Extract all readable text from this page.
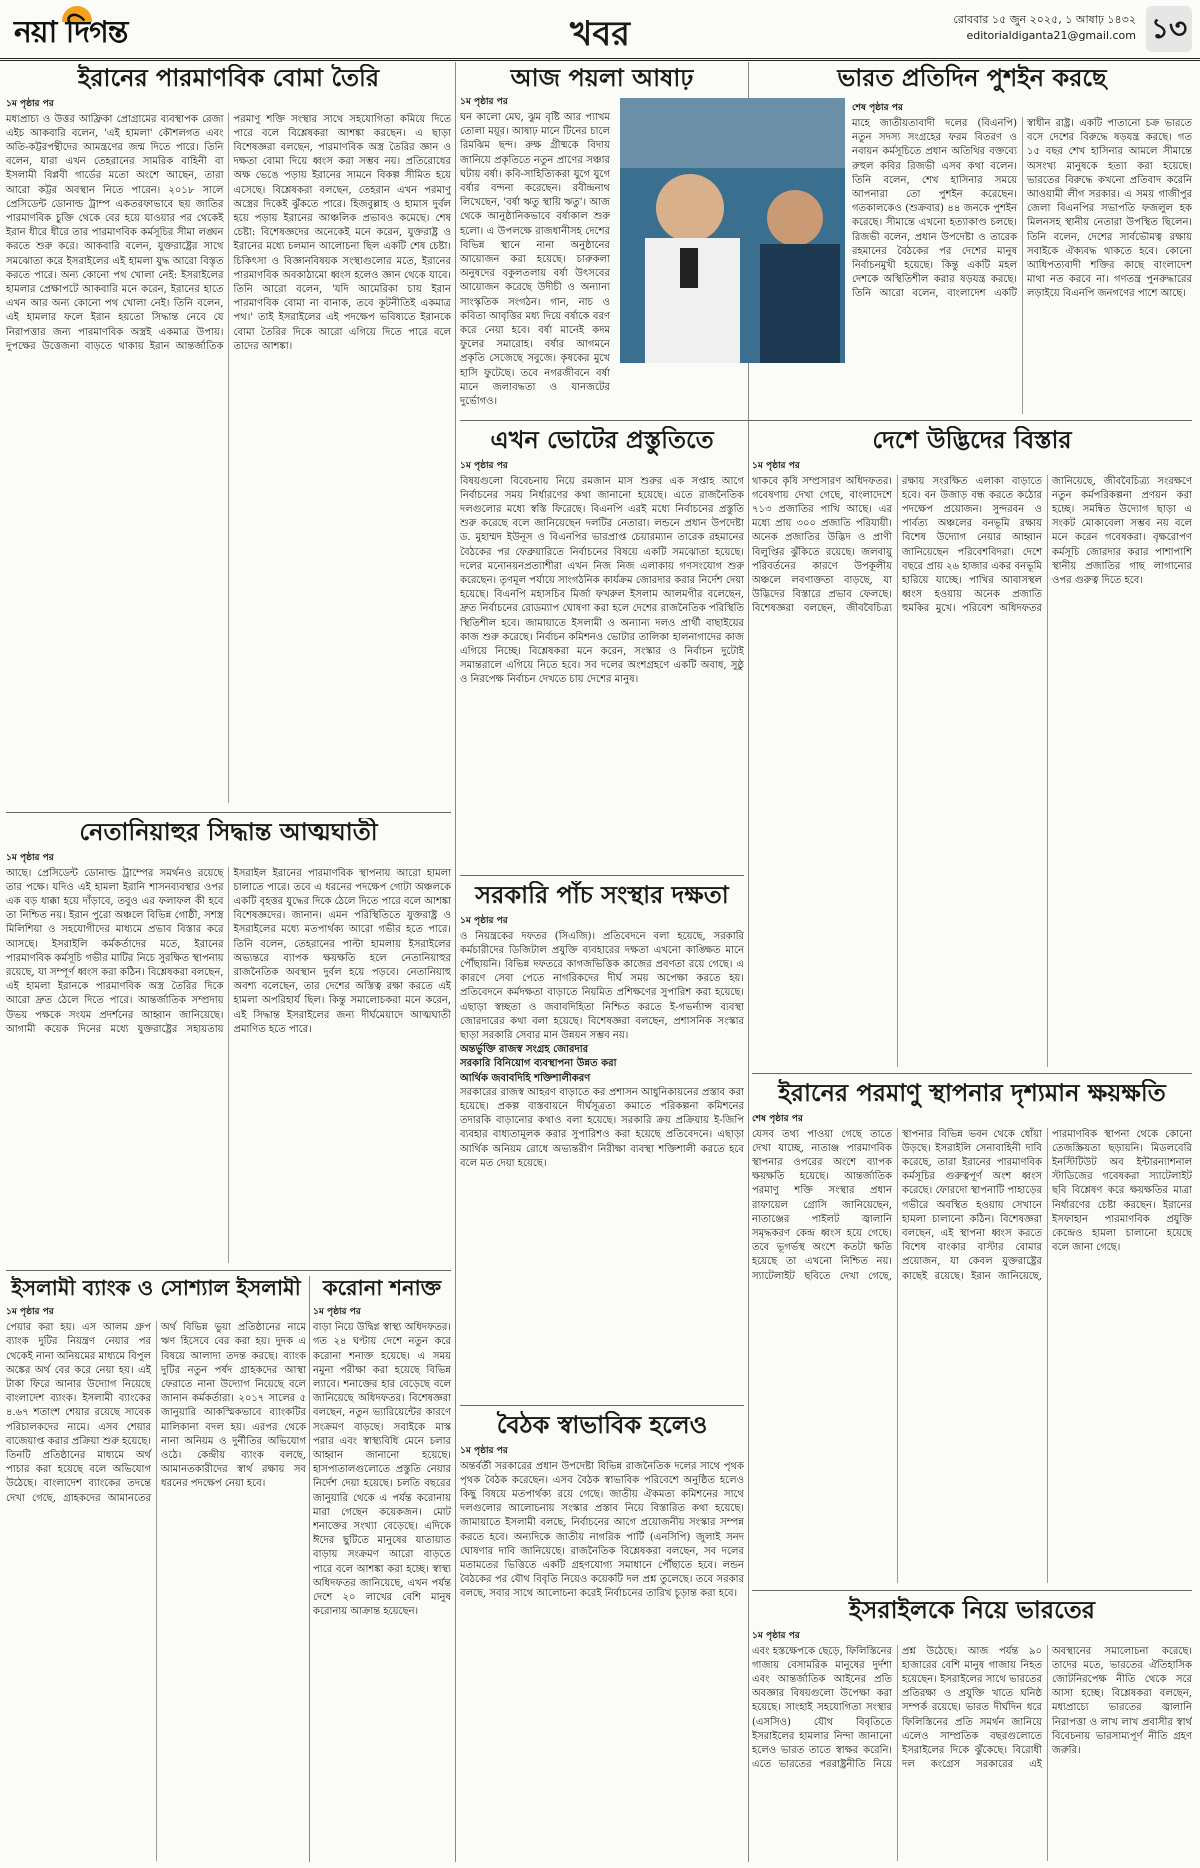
নয়া দিগন্ত	খবর	রোববার ১৫ জুন ২০২৫, ১ আষাঢ় ১৪৩২
editorialdiganta21@gmail.com ১৩
ইরানের পারমাণবিক বোমা তৈরি
১ম পৃষ্ঠার পর

মধ্যপ্রাচ্য ও উত্তর আফ্রিকা প্রোগ্রামের ব্যবস্থাপক রেজা এইচ আকবারি বলেন, 'এই হামলা' কৌশলগত এবং অতি-কট্টরপন্থীদের আমন্ত্রণের জন্ম দিতে পারে। তিনি বলেন, যারা এখন তেহরানের সামরিক বাহিনী বা ইসলামী বিপ্লবী গার্ডের মতো অংশে আছেন, তারা আরো কট্টর অবস্থান নিতে পারেন। ২০১৮ সালে প্রেসিডেন্ট ডোনাল্ড ট্রাম্প একতরফাভাবে ছয় জাতির পারমাণবিক চুক্তি থেকে বের হয়ে যাওয়ার পর থেকেই ইরান ধীরে ধীরে তার পারমাণবিক কর্মসূচির সীমা লঙ্ঘন করতে শুরু করে। আকবারি বলেন, যুক্তরাষ্ট্রের সাথে সমঝোতা করে ইসরাইলের এই হামলা যুদ্ধ আরো বিস্তৃত করতে পারে। অন্য কোনো পথ খোলা নেই: ইসরাইলের হামলার প্রেক্ষাপটে আকবারি মনে করেন, ইরানের হাতে এখন আর অন্য কোনো পথ খোলা নেই। তিনি বলেন, এই হামলার ফলে ইরান হয়তো সিদ্ধান্ত নেবে যে নিরাপত্তার জন্য পারমাণবিক অস্ত্রই একমাত্র উপায়। দুপক্ষের উত্তেজনা বাড়তে থাকায় ইরান আন্তর্জাতিক পরমাণু শক্তি সংস্থার সাথে সহযোগিতা কমিয়ে দিতে পারে বলে বিশ্লেষকরা আশঙ্কা করছেন। এ ছাড়া বিশেষজ্ঞরা বলছেন, পারমাণবিক অস্ত্র তৈরির জ্ঞান ও দক্ষতা বোমা দিয়ে ধ্বংস করা সম্ভব নয়। প্রতিরোধের অক্ষ ভেঙে পড়ায় ইরানের সামনে বিকল্প সীমিত হয়ে এসেছে। বিশ্লেষকরা বলছেন, তেহরান এখন পরমাণু অস্ত্রের দিকেই ঝুঁকতে পারে। হিজবুল্লাহ ও হামাস দুর্বল হয়ে পড়ায় ইরানের আঞ্চলিক প্রভাবও কমেছে। শেষ চেষ্টা: বিশেষজ্ঞদের অনেকেই মনে করেন, যুক্তরাষ্ট্র ও ইরানের মধ্যে চলমান আলোচনা ছিল একটি শেষ চেষ্টা। চিকিৎসা ও বিজ্ঞানবিষয়ক সংস্থাগুলোর মতে, ইরানের পারমাণবিক অবকাঠামো ধ্বংস হলেও জ্ঞান থেকে যাবে। তিনি আরো বলেন, 'যদি আমেরিকা চায় ইরান পারমাণবিক বোমা না বানাক, তবে কূটনীতিই একমাত্র পথ।' তাই ইসরাইলের এই পদক্ষেপ ভবিষ্যতে ইরানকে বোমা তৈরির দিকে আরো এগিয়ে দিতে পারে বলে তাদের আশঙ্কা।

নেতানিয়াহুর সিদ্ধান্ত আত্মঘাতী
১ম পৃষ্ঠার পর

আছে। প্রেসিডেন্ট ডোনাল্ড ট্রাম্পের সমর্থনও রয়েছে তার পক্ষে। যদিও এই হামলা ইরানি শাসনব্যবস্থার ওপর এক বড় ধাক্কা হয়ে দাঁড়াবে, তবুও এর ফলাফল কী হবে তা নিশ্চিত নয়। ইরান পুরো অঞ্চলে বিভিন্ন গোষ্ঠী, সশস্ত্র মিলিশিয়া ও সহযোগীদের মাধ্যমে প্রভাব বিস্তার করে আসছে। ইসরাইলি কর্মকর্তাদের মতে, ইরানের পারমাণবিক কর্মসূচি গভীর মাটির নিচে সুরক্ষিত স্থাপনায় রয়েছে, যা সম্পূর্ণ ধ্বংস করা কঠিন। বিশ্লেষকরা বলছেন, এই হামলা ইরানকে পারমাণবিক অস্ত্র তৈরির দিকে আরো দ্রুত ঠেলে দিতে পারে। আন্তর্জাতিক সম্প্রদায় উভয় পক্ষকে সংযম প্রদর্শনের আহ্বান জানিয়েছে। আগামী কয়েক দিনের মধ্যে যুক্তরাষ্ট্রের সহায়তায় ইসরাইল ইরানের পারমাণবিক স্থাপনায় আরো হামলা চালাতে পারে। তবে এ ধরনের পদক্ষেপ গোটা অঞ্চলকে একটি বৃহত্তর যুদ্ধের দিকে ঠেলে দিতে পারে বলে আশঙ্কা বিশেষজ্ঞদের। জানান। এমন পরিস্থিতিতে যুক্তরাষ্ট্র ও ইসরাইলের মধ্যে মতপার্থক্য আরো গভীর হতে পারে। তিনি বলেন, তেহরানের পাল্টা হামলায় ইসরাইলের অভ্যন্তরে ব্যাপক ক্ষয়ক্ষতি হলে নেতানিয়াহুর রাজনৈতিক অবস্থান দুর্বল হয়ে পড়বে। নেতানিয়াহু অবশ্য বলেছেন, তার দেশের অস্তিত্ব রক্ষা করতে এই হামলা অপরিহার্য ছিল। কিন্তু সমালোচকরা মনে করেন, এই সিদ্ধান্ত ইসরাইলের জন্য দীর্ঘমেয়াদে আত্মঘাতী প্রমাণিত হতে পারে।

ইসলামী ব্যাংক ও সোশ্যাল ইসলামী
১ম পৃষ্ঠার পর

পেয়ার করা হয়। এস আলম গ্রুপ ব্যাংক দুটির নিয়ন্ত্রণ নেয়ার পর থেকেই নানা অনিয়মের মাধ্যমে বিপুল অঙ্কের অর্থ বের করে নেয়া হয়। এই টাকা ফিরে আনার উদ্যোগ নিয়েছে বাংলাদেশ ব্যাংক। ইসলামী ব্যাংকের ৪.৬৭ শতাংশ শেয়ার রয়েছে সাবেক পরিচালকদের নামে। এসব শেয়ার বাজেয়াপ্ত করার প্রক্রিয়া শুরু হয়েছে। তিনটি প্রতিষ্ঠানের মাধ্যমে অর্থ পাচার করা হয়েছে বলে অভিযোগ উঠেছে। বাংলাদেশ ব্যাংকের তদন্তে দেখা গেছে, গ্রাহকদের আমানতের অর্থ বিভিন্ন ভুয়া প্রতিষ্ঠানের নামে ঋণ হিসেবে বের করা হয়। দুদক এ বিষয়ে আলাদা তদন্ত করছে। ব্যাংক দুটির নতুন পর্ষদ গ্রাহকদের আস্থা ফেরাতে নানা উদ্যোগ নিয়েছে বলে জানান কর্মকর্তারা। ২০১৭ সালের ৫ জানুয়ারি আকস্মিকভাবে ব্যাংকটির মালিকানা বদল হয়। এরপর থেকে নানা অনিয়ম ও দুর্নীতির অভিযোগ ওঠে। কেন্দ্রীয় ব্যাংক বলছে, আমানতকারীদের স্বার্থ রক্ষায় সব ধরনের পদক্ষেপ নেয়া হবে।

করোনা শনাক্ত
১ম পৃষ্ঠার পর

বাড়া নিয়ে উদ্বিগ্ন স্বাস্থ্য অধিদফতর। গত ২৪ ঘণ্টায় দেশে নতুন করে করোনা শনাক্ত হয়েছে। এ সময় নমুনা পরীক্ষা করা হয়েছে বিভিন্ন ল্যাবে। শনাক্তের হার বেড়েছে বলে জানিয়েছে অধিদফতর। বিশেষজ্ঞরা বলছেন, নতুন ভ্যারিয়েন্টের কারণে সংক্রমণ বাড়ছে। সবাইকে মাস্ক পরার এবং স্বাস্থ্যবিধি মেনে চলার আহ্বান জানানো হয়েছে। হাসপাতালগুলোতে প্রস্তুতি নেয়ার নির্দেশ দেয়া হয়েছে। চলতি বছরের জানুয়ারি থেকে এ পর্যন্ত করোনায় মারা গেছেন কয়েকজন। মোট শনাক্তের সংখ্যা বেড়েছে। এদিকে ঈদের ছুটিতে মানুষের যাতায়াত বাড়ায় সংক্রমণ আরো বাড়তে পারে বলে আশঙ্কা করা হচ্ছে। স্বাস্থ্য অধিদফতর জানিয়েছে, এখন পর্যন্ত দেশে ২০ লাখের বেশি মানুষ করোনায় আক্রান্ত হয়েছেন।

১ম পৃষ্ঠার পর

ঘন কালো মেঘ, ঝুম বৃষ্টি আর প্যাখম তোলা ময়ূর। আষাঢ় মানে টিনের চালে রিমঝিম ছন্দ। রুক্ষ গ্রীষ্মকে বিদায় জানিয়ে প্রকৃতিতে নতুন প্রাণের সঞ্চার ঘটায় বর্ষা। কবি-সাহিত্যিকরা যুগে যুগে বর্ষার বন্দনা করেছেন। রবীন্দ্রনাথ লিখেছেন, 'বর্ষা ঋতু স্থায়ি ঋতু'। আজ থেকে আনুষ্ঠানিকভাবে বর্ষাকাল শুরু হলো। এ উপলক্ষে রাজধানীসহ দেশের বিভিন্ন স্থানে নানা অনুষ্ঠানের আয়োজন করা হয়েছে। চারুকলা অনুষদের বকুলতলায় বর্ষা উৎসবের আয়োজন করেছে উদীচী ও অন্যান্য সাংস্কৃতিক সংগঠন। গান, নাচ ও কবিতা আবৃত্তির মধ্য দিয়ে বর্ষাকে বরণ করে নেয়া হবে। বর্ষা মানেই কদম ফুলের সমারোহ। বর্ষার আগমনে প্রকৃতি সেজেছে সবুজে। কৃষকের মুখে হাসি ফুটেছে। তবে নগরজীবনে বর্ষা মানে জলাবদ্ধতা ও যানজটের দুর্ভোগও।

আজ পয়লা আষাঢ়	ভারত প্রতিদিন পুশইন করছে
শেষ পৃষ্ঠার পর

মাহে জাতীয়তাবাদী দলের (বিএনপি) নতুন সদস্য সংগ্রহের ফরম বিতরণ ও নবায়ন কর্মসূচিতে প্রধান অতিথির বক্তব্যে রুহুল কবির রিজভী এসব কথা বলেন। তিনি বলেন, শেখ হাসিনার সময়ে আপনারা তো পুশইন করেছেন। গতকালকেও (শুক্রবার) ৪৪ জনকে পুশইন করেছে। সীমান্তে এখনো হত্যাকাণ্ড চলছে। রিজভী বলেন, প্রধান উপদেষ্টা ও তারেক রহমানের বৈঠকের পর দেশের মানুষ নির্বাচনমুখী হয়েছে। কিন্তু একটি মহল দেশকে অস্থিতিশীল করার ষড়যন্ত্র করছে। তিনি আরো বলেন, বাংলাদেশ একটি স্বাধীন রাষ্ট্র। একটি পাতানো চক্র ভারতে বসে দেশের বিরুদ্ধে ষড়যন্ত্র করছে। গত ১৫ বছর শেখ হাসিনার আমলে সীমান্তে অসংখ্য মানুষকে হত্যা করা হয়েছে। ভারতের বিরুদ্ধে কখনো প্রতিবাদ করেনি আওয়ামী লীগ সরকার। এ সময় গাজীপুর জেলা বিএনপির সভাপতি ফজলুল হক মিলনসহ স্থানীয় নেতারা উপস্থিত ছিলেন। তিনি বলেন, দেশের সার্বভৌমত্ব রক্ষায় সবাইকে ঐক্যবদ্ধ থাকতে হবে। কোনো আধিপত্যবাদী শক্তির কাছে বাংলাদেশ মাথা নত করবে না। গণতন্ত্র পুনরুদ্ধারের লড়াইয়ে বিএনপি জনগণের পাশে আছে।

এখন ভোটের প্রস্তুতিতে
১ম পৃষ্ঠার পর

বিষয়গুলো বিবেচনায় নিয়ে রমজান মাস শুরুর এক সপ্তাহ আগে নির্বাচনের সময় নির্ধারণের কথা জানানো হয়েছে। এতে রাজনৈতিক দলগুলোর মধ্যে স্বস্তি ফিরেছে। বিএনপি এরই মধ্যে নির্বাচনের প্রস্তুতি শুরু করেছে বলে জানিয়েছেন দলটির নেতারা। লন্ডনে প্রধান উপদেষ্টা ড. মুহাম্মদ ইউনূস ও বিএনপির ভারপ্রাপ্ত চেয়ারম্যান তারেক রহমানের বৈঠকের পর ফেব্রুয়ারিতে নির্বাচনের বিষয়ে একটি সমঝোতা হয়েছে। দলের মনোনয়নপ্রত্যাশীরা এখন নিজ নিজ এলাকায় গণসংযোগ শুরু করেছেন। তৃণমূল পর্যায়ে সাংগঠনিক কার্যক্রম জোরদার করার নির্দেশ দেয়া হয়েছে। বিএনপি মহাসচিব মির্জা ফখরুল ইসলাম আলমগীর বলেছেন, দ্রুত নির্বাচনের রোডম্যাপ ঘোষণা করা হলে দেশের রাজনৈতিক পরিস্থিতি স্থিতিশীল হবে। জামায়াতে ইসলামী ও অন্যান্য দলও প্রার্থী বাছাইয়ের কাজ শুরু করেছে। নির্বাচন কমিশনও ভোটার তালিকা হালনাগাদের কাজ এগিয়ে নিচ্ছে। বিশ্লেষকরা মনে করেন, সংস্কার ও নির্বাচন দুটোই সমান্তরালে এগিয়ে নিতে হবে। সব দলের অংশগ্রহণে একটি অবাধ, সুষ্ঠু ও নিরপেক্ষ নির্বাচন দেখতে চায় দেশের মানুষ।

সরকারি পাঁচ সংস্থার দক্ষতা
১ম পৃষ্ঠার পর

ও নিয়ন্ত্রকের দফতর (সিএজি)। প্রতিবেদনে বলা হয়েছে, সরকারি কর্মচারীদের ডিজিটাল প্রযুক্তি ব্যবহারের দক্ষতা এখনো কাঙ্ক্ষিত মানে পৌঁছায়নি। বিভিন্ন দফতরে কাগজভিত্তিক কাজের প্রবণতা রয়ে গেছে। এ কারণে সেবা পেতে নাগরিকদের দীর্ঘ সময় অপেক্ষা করতে হয়। প্রতিবেদনে কর্মদক্ষতা বাড়াতে নিয়মিত প্রশিক্ষণের সুপারিশ করা হয়েছে। এছাড়া স্বচ্ছতা ও জবাবদিহিতা নিশ্চিত করতে ই-গভর্ন্যান্স ব্যবস্থা জোরদারের কথা বলা হয়েছে। বিশেষজ্ঞরা বলছেন, প্রশাসনিক সংস্কার ছাড়া সরকারি সেবার মান উন্নয়ন সম্ভব নয়।

অন্তর্ভুক্তি রাজস্ব সংগ্রহ জোরদার

সরকারি বিনিয়োগ ব্যবস্থাপনা উন্নত করা

আর্থিক জবাবদিহি শক্তিশালীকরণ

সরকারের রাজস্ব আহরণ বাড়াতে কর প্রশাসন আধুনিকায়নের প্রস্তাব করা হয়েছে। প্রকল্প বাস্তবায়নে দীর্ঘসূত্রতা কমাতে পরিকল্পনা কমিশনের তদারকি বাড়ানোর কথাও বলা হয়েছে। সরকারি ক্রয় প্রক্রিয়ায় ই-জিপি ব্যবহার বাধ্যতামূলক করার সুপারিশও করা হয়েছে প্রতিবেদনে। এছাড়া আর্থিক অনিয়ম রোধে অভ্যন্তরীণ নিরীক্ষা ব্যবস্থা শক্তিশালী করতে হবে বলে মত দেয়া হয়েছে।

বৈঠক স্বাভাবিক হলেও
১ম পৃষ্ঠার পর

অন্তর্বর্তী সরকারের প্রধান উপদেষ্টা বিভিন্ন রাজনৈতিক দলের সাথে পৃথক পৃথক বৈঠক করেছেন। এসব বৈঠক স্বাভাবিক পরিবেশে অনুষ্ঠিত হলেও কিছু বিষয়ে মতপার্থক্য রয়ে গেছে। জাতীয় ঐকমত্য কমিশনের সাথে দলগুলোর আলোচনায় সংস্কার প্রস্তাব নিয়ে বিস্তারিত কথা হয়েছে। জামায়াতে ইসলামী বলছে, নির্বাচনের আগে প্রয়োজনীয় সংস্কার সম্পন্ন করতে হবে। অন্যদিকে জাতীয় নাগরিক পার্টি (এনসিপি) জুলাই সনদ ঘোষণার দাবি জানিয়েছে। রাজনৈতিক বিশ্লেষকরা বলছেন, সব দলের মতামতের ভিত্তিতে একটি গ্রহণযোগ্য সমাধানে পৌঁছাতে হবে। লন্ডন বৈঠকের পর যৌথ বিবৃতি নিয়েও কয়েকটি দল প্রশ্ন তুলেছে। তবে সরকার বলছে, সবার সাথে আলোচনা করেই নির্বাচনের তারিখ চূড়ান্ত করা হবে।

দেশে উদ্ভিদের বিস্তার
১ম পৃষ্ঠার পর

থাকবে কৃষি সম্প্রসারণ অধিদফতর। গবেষণায় দেখা গেছে, বাংলাদেশে ৭১৩ প্রজাতির পাখি আছে। এর মধ্যে প্রায় ৩০০ প্রজাতি পরিযায়ী। অনেক প্রজাতির উদ্ভিদ ও প্রাণী বিলুপ্তির ঝুঁকিতে রয়েছে। জলবায়ু পরিবর্তনের কারণে উপকূলীয় অঞ্চলে লবণাক্ততা বাড়ছে, যা উদ্ভিদের বিস্তারে প্রভাব ফেলছে। বিশেষজ্ঞরা বলছেন, জীববৈচিত্র্য রক্ষায় সংরক্ষিত এলাকা বাড়াতে হবে। বন উজাড় বন্ধ করতে কঠোর পদক্ষেপ প্রয়োজন। সুন্দরবন ও পার্বত্য অঞ্চলের বনভূমি রক্ষায় বিশেষ উদ্যোগ নেয়ার আহ্বান জানিয়েছেন পরিবেশবিদরা। দেশে বছরে প্রায় ২৬ হাজার একর বনভূমি হারিয়ে যাচ্ছে। পাখির আবাসস্থল ধ্বংস হওয়ায় অনেক প্রজাতি হুমকির মুখে। পরিবেশ অধিদফতর জানিয়েছে, জীববৈচিত্র্য সংরক্ষণে নতুন কর্মপরিকল্পনা প্রণয়ন করা হচ্ছে। সমন্বিত উদ্যোগ ছাড়া এ সংকট মোকাবেলা সম্ভব নয় বলে মনে করেন গবেষকরা। বৃক্ষরোপণ কর্মসূচি জোরদার করার পাশাপাশি স্থানীয় প্রজাতির গাছ লাগানোর ওপর গুরুত্ব দিতে হবে।

ইরানের পরমাণু স্থাপনার দৃশ্যমান ক্ষয়ক্ষতি
শেষ পৃষ্ঠার পর

যেসব তথ্য পাওয়া গেছে তাতে দেখা যাচ্ছে, নাতাঞ্জ পারমাণবিক স্থাপনার ওপরের অংশে ব্যাপক ক্ষয়ক্ষতি হয়েছে। আন্তর্জাতিক পরমাণু শক্তি সংস্থার প্রধান রাফায়েল গ্রোসি জানিয়েছেন, নাতাঞ্জের পাইলট জ্বালানি সমৃদ্ধকরণ কেন্দ্র ধ্বংস হয়ে গেছে। তবে ভূগর্ভস্থ অংশে কতটা ক্ষতি হয়েছে তা এখনো নিশ্চিত নয়। স্যাটেলাইট ছবিতে দেখা গেছে, স্থাপনার বিভিন্ন ভবন থেকে ধোঁয়া উড়ছে। ইসরাইলি সেনাবাহিনী দাবি করেছে, তারা ইরানের পারমাণবিক কর্মসূচির গুরুত্বপূর্ণ অংশ ধ্বংস করেছে। ফোরদো স্থাপনাটি পাহাড়ের গভীরে অবস্থিত হওয়ায় সেখানে হামলা চালানো কঠিন। বিশেষজ্ঞরা বলছেন, এই স্থাপনা ধ্বংস করতে বিশেষ বাংকার বাস্টার বোমার প্রয়োজন, যা কেবল যুক্তরাষ্ট্রের কাছেই রয়েছে। ইরান জানিয়েছে, পারমাণবিক স্থাপনা থেকে কোনো তেজস্ক্রিয়তা ছড়ায়নি। মিডলবেরি ইনস্টিটিউট অব ইন্টারন্যাশনাল স্টাডিজের গবেষকরা স্যাটেলাইট ছবি বিশ্লেষণ করে ক্ষয়ক্ষতির মাত্রা নির্ধারণের চেষ্টা করছেন। ইরানের ইসফাহান পারমাণবিক প্রযুক্তি কেন্দ্রেও হামলা চালানো হয়েছে বলে জানা গেছে।

ইসরাইলকে নিয়ে ভারতের
১ম পৃষ্ঠার পর

এবং হস্তক্ষেপকে ছেড়ে, ফিলিস্তিনের গাজায় বেসামরিক মানুষের দুর্দশা এবং আন্তর্জাতিক আইনের প্রতি অবজ্ঞার বিষয়গুলো উপেক্ষা করা হয়েছে। সাংহাই সহযোগিতা সংস্থার (এসসিও) যৌথ বিবৃতিতে ইসরাইলের হামলার নিন্দা জানানো হলেও ভারত তাতে স্বাক্ষর করেনি। এতে ভারতের পররাষ্ট্রনীতি নিয়ে প্রশ্ন উঠেছে। আজ পর্যন্ত ৯০ হাজারের বেশি মানুষ গাজায় নিহত হয়েছেন। ইসরাইলের সাথে ভারতের প্রতিরক্ষা ও প্রযুক্তি খাতে ঘনিষ্ঠ সম্পর্ক রয়েছে। ভারত দীর্ঘদিন ধরে ফিলিস্তিনের প্রতি সমর্থন জানিয়ে এলেও সাম্প্রতিক বছরগুলোতে ইসরাইলের দিকে ঝুঁকেছে। বিরোধী দল কংগ্রেস সরকারের এই অবস্থানের সমালোচনা করেছে। তাদের মতে, ভারতের ঐতিহাসিক জোটনিরপেক্ষ নীতি থেকে সরে আসা হচ্ছে। বিশ্লেষকরা বলছেন, মধ্যপ্রাচ্যে ভারতের জ্বালানি নিরাপত্তা ও লাখ লাখ প্রবাসীর স্বার্থ বিবেচনায় ভারসাম্যপূর্ণ নীতি গ্রহণ জরুরি।
